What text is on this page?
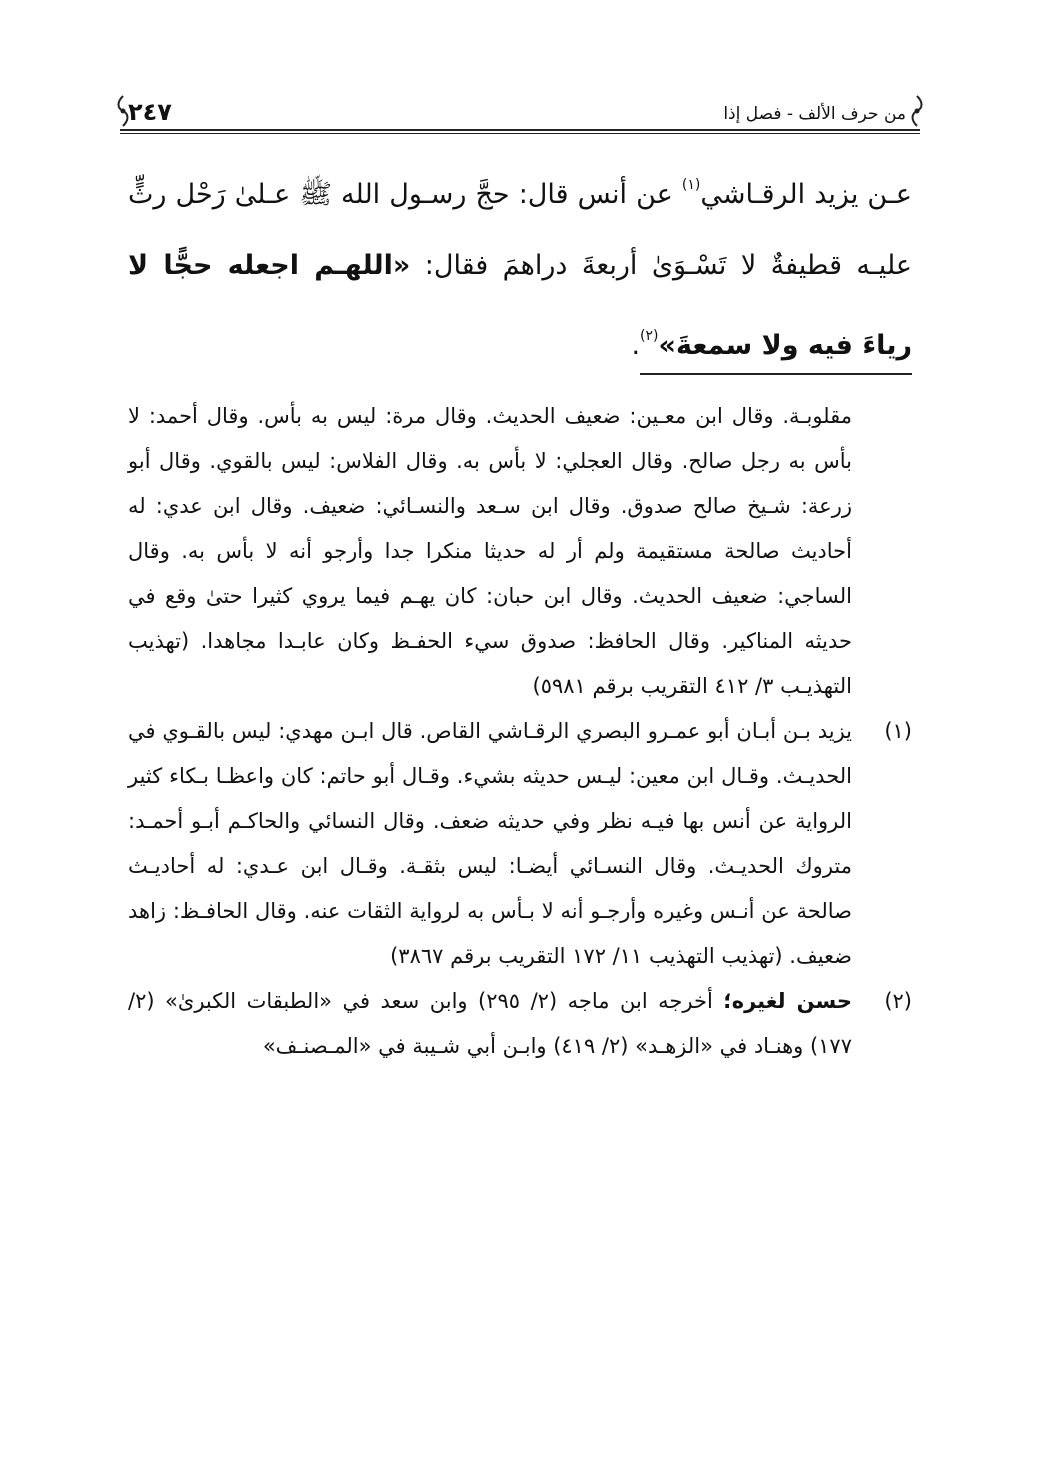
٢٤٧	من حرف الألف - فصل إذا
عـن يزيد الرقـاشي$^{(١)}$ عن أنس قال: حجَّ رسـول الله ﷺ عـلىٰ رَحْل رثٍّ عليـه قطيفةٌ لا تَسْـوَىٰ أربعةَ دراهمَ فقال: «اللهـم اجعله حجًّا لا رياءَ فيه ولا سمعةَ»$^{(٢)}$.
مقلوبـة. وقال ابن معـين: ضعيف الحديث. وقال مرة: ليس به بأس. وقال أحمد: لا بأس به رجل صالح. وقال العجلي: لا بأس به. وقال الفلاس: ليس بالقوي. وقال أبو زرعة: شـيخ صالح صدوق. وقال ابن سـعد والنسـائي: ضعيف. وقال ابن عدي: له أحاديث صالحة مستقيمة ولم أر له حديثا منكرا جدا وأرجو أنه لا بأس به. وقال الساجي: ضعيف الحديث. وقال ابن حبان: كان يهـم فيما يروي كثيرا حتىٰ وقع في حديثه المناكير. وقال الحافظ: صدوق سيء الحفـظ وكان عابـدا مجاهدا. (تهذيب التهذيـب ٣/ ٤١٢ التقريب برقم ٥٩٨١)
(١)
يزيد بـن أبـان أبو عمـرو البصري الرقـاشي القاص. قال ابـن مهدي: ليس بالقـوي في الحديـث. وقـال ابن معين: ليـس حديثه بشيء. وقـال أبو حاتم: كان واعظـا بـكاء كثير الرواية عن أنس بها فيـه نظر وفي حديثه ضعف. وقال النسائي والحاكـم أبـو أحمـد: متروك الحديـث. وقال النسـائي أيضـا: ليس بثقـة. وقـال ابن عـدي: له أحاديـث صالحة عن أنـس وغيره وأرجـو أنه لا بـأس به لرواية الثقات عنه. وقال الحافـظ: زاهد ضعيف. (تهذيب التهذيب ١١/ ١٧٢ التقريب برقم ٣٨٦٧)
(٢)
حسن لغيره؛ أخرجه ابن ماجه (٢/ ٢٩٥) وابن سعد في «الطبقات الكبرىٰ» (٢/ ١٧٧) وهنـاد في «الزهـد» (٢/ ٤١٩) وابـن أبي شـيبة في «المـصنـف»
